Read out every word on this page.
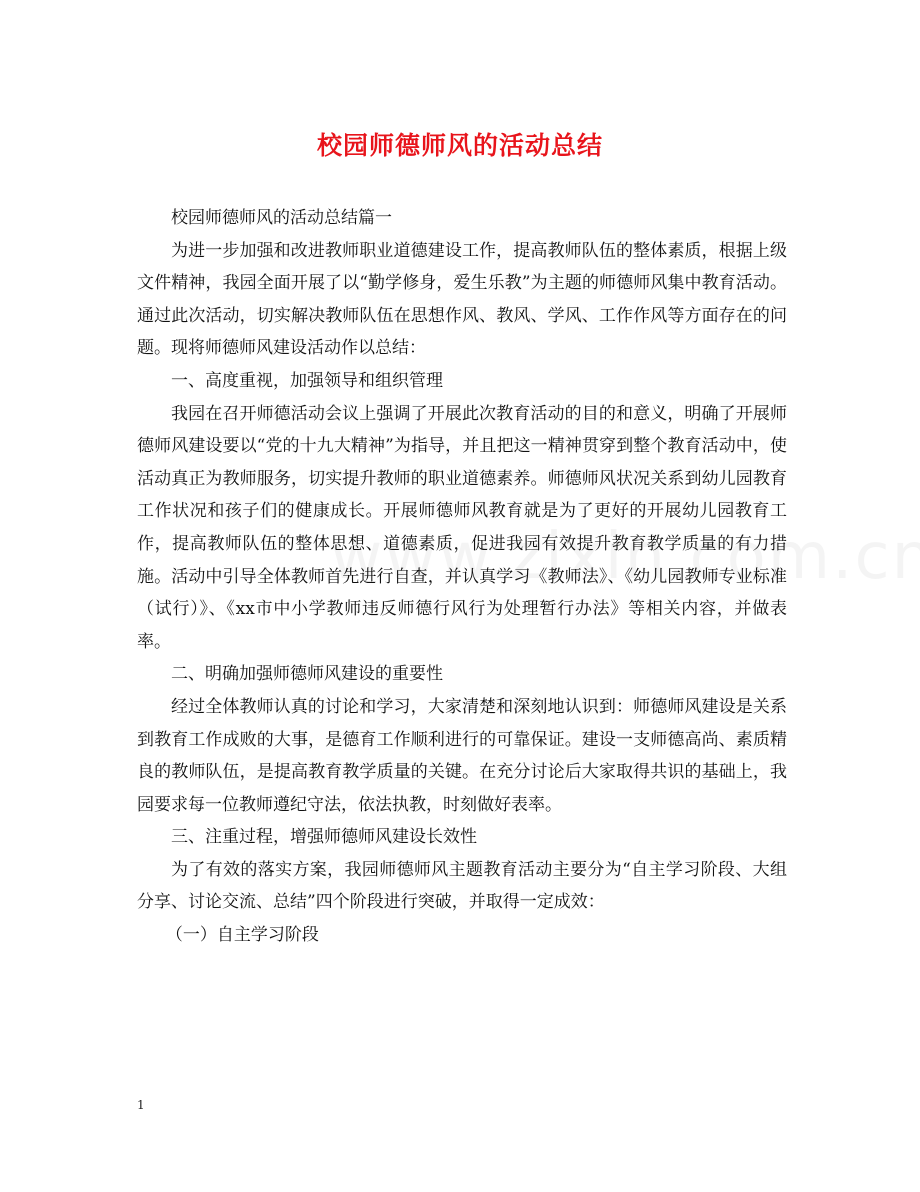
校园师德师风的活动总结

校园师德师风的活动总结篇一

为进一步加强和改进教师职业道德建设工作，提高教师队伍的整体素质，根据上级文件精神，我园全面开展了以“勤学修身，爱生乐教”为主题的师德师风集中教育活动。通过此次活动，切实解决教师队伍在思想作风、教风、学风、工作作风等方面存在的问题。现将师德师风建设活动作以总结：

一、高度重视，加强领导和组织管理

我园在召开师德活动会议上强调了开展此次教育活动的目的和意义，明确了开展师德师风建设要以“党的十九大精神”为指导，并且把这一精神贯穿到整个教育活动中，使活动真正为教师服务，切实提升教师的职业道德素养。师德师风状况关系到幼儿园教育工作状况和孩子们的健康成长。开展师德师风教育就是为了更好的开展幼儿园教育工作，提高教师队伍的整体思想、道德素质，促进我园有效提升教育教学质量的有力措施。活动中引导全体教师首先进行自查，并认真学习《教师法》、《幼儿园教师专业标准（试行）》、《xx市中小学教师违反师德行风行为处理暂行办法》等相关内容，并做表率。

二、明确加强师德师风建设的重要性

经过全体教师认真的讨论和学习，大家清楚和深刻地认识到：师德师风建设是关系到教育工作成败的大事，是德育工作顺利进行的可靠保证。建设一支师德高尚、素质精良的教师队伍，是提高教育教学质量的关键。在充分讨论后大家取得共识的基础上，我园要求每一位教师遵纪守法，依法执教，时刻做好表率。

三、注重过程，增强师德师风建设长效性

为了有效的落实方案，我园师德师风主题教育活动主要分为“自主学习阶段、大组分享、讨论交流、总结”四个阶段进行突破，并取得一定成效：

（一）自主学习阶段

1
